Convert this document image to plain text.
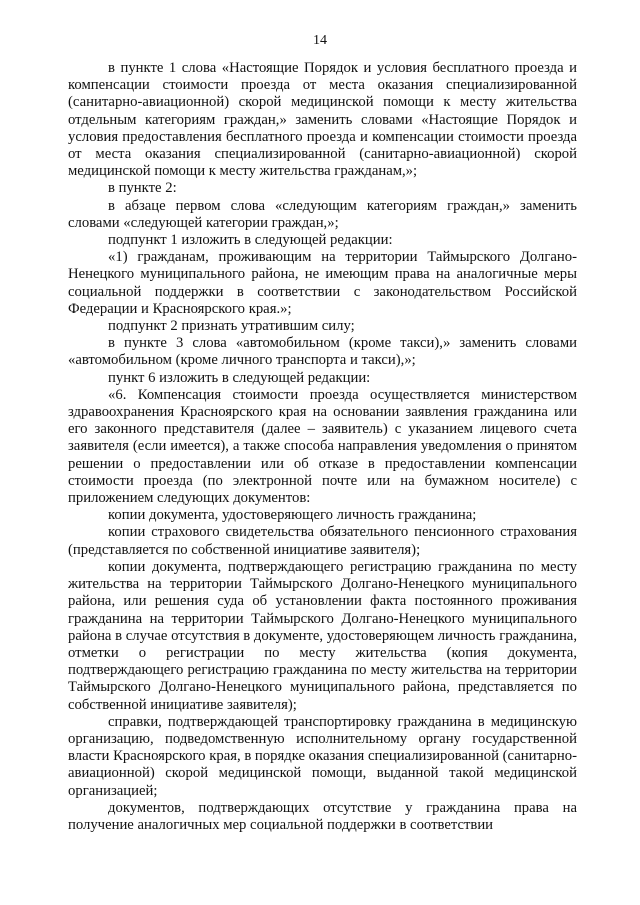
14

в пункте 1 слова «Настоящие Порядок и условия бесплатного проезда и компенсации стоимости проезда от места оказания специализированной (санитарно-авиационной) скорой медицинской помощи к месту жительства отдельным категориям граждан,» заменить словами «Настоящие Порядок и условия предоставления бесплатного проезда и компенсации стоимости проезда от места оказания специализированной (санитарно-авиационной) скорой медицинской помощи к месту жительства гражданам,»;

в пункте 2:

в абзаце первом слова «следующим категориям граждан,» заменить словами «следующей категории граждан,»;

подпункт 1 изложить в следующей редакции:

«1) гражданам, проживающим на территории Таймырского Долгано-Ненецкого муниципального района, не имеющим права на аналогичные меры социальной поддержки в соответствии с законодательством Российской Федерации и Красноярского края.»;

подпункт 2 признать утратившим силу;

в пункте 3 слова «автомобильном (кроме такси),» заменить словами «автомобильном (кроме личного транспорта и такси),»;

пункт 6 изложить в следующей редакции:

«6. Компенсация стоимости проезда осуществляется министерством здравоохранения Красноярского края на основании заявления гражданина или его законного представителя (далее – заявитель) с указанием лицевого счета заявителя (если имеется), а также способа направления уведомления о принятом решении о предоставлении или об отказе в предоставлении компенсации стоимости проезда (по электронной почте или на бумажном носителе) с приложением следующих документов:

копии документа, удостоверяющего личность гражданина;

копии страхового свидетельства обязательного пенсионного страхования (представляется по собственной инициативе заявителя);

копии документа, подтверждающего регистрацию гражданина по месту жительства на территории Таймырского Долгано-Ненецкого муниципального района, или решения суда об установлении факта постоянного проживания гражданина на территории Таймырского Долгано-Ненецкого муниципального района в случае отсутствия в документе, удостоверяющем личность гражданина, отметки о регистрации по месту жительства (копия документа, подтверждающего регистрацию гражданина по месту жительства на территории Таймырского Долгано-Ненецкого муниципального района, представляется по собственной инициативе заявителя);

справки, подтверждающей транспортировку гражданина в медицинскую организацию, подведомственную исполнительному органу государственной власти Красноярского края, в порядке оказания специализированной (санитарно-авиационной) скорой медицинской помощи, выданной такой медицинской организацией;

документов, подтверждающих отсутствие у гражданина права на получение аналогичных мер социальной поддержки в соответствии
